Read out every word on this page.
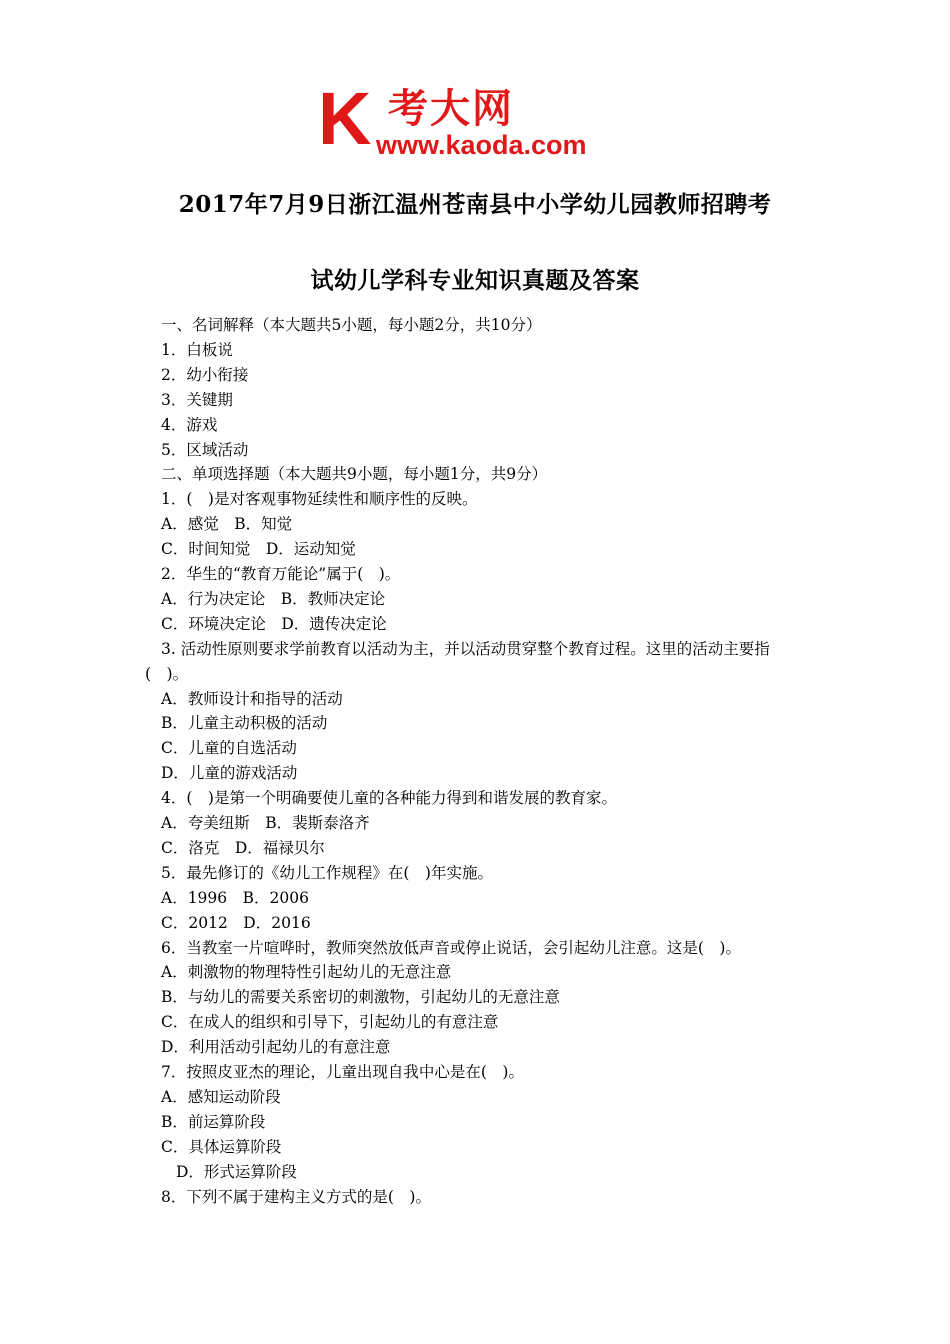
K 考大网
www.kaoda.com
2017年7月9日浙江温州苍南县中小学幼儿园教师招聘考
试幼儿学科专业知识真题及答案
一、名词解释（本大题共5小题，每小题2分，共10分）
1．白板说
2．幼小衔接
3．关键期
4．游戏
5．区域活动
二、单项选择题（本大题共9小题，每小题1分，共9分）
1．(　)是对客观事物延续性和顺序性的反映。
A．感觉　B．知觉
C．时间知觉　D．运动知觉
2．华生的“教育万能论”属于(　)。
A．行为决定论　B．教师决定论
C．环境决定论　D．遗传决定论
3. 活动性原则要求学前教育以活动为主，并以活动贯穿整个教育过程。这里的活动主要指
(　)。
A．教师设计和指导的活动
B．儿童主动积极的活动
C．儿童的自选活动
D．儿童的游戏活动
4．(　)是第一个明确要使儿童的各种能力得到和谐发展的教育家。
A．夸美纽斯　B．裴斯泰洛齐
C．洛克　D．福禄贝尔
5．最先修订的《幼儿工作规程》在(　)年实施。
A．1996　B．2006
C．2012　D．2016
6．当教室一片喧哗时，教师突然放低声音或停止说话，会引起幼儿注意。这是(　)。
A．刺激物的物理特性引起幼儿的无意注意
B．与幼儿的需要关系密切的刺激物，引起幼儿的无意注意
C．在成人的组织和引导下，引起幼儿的有意注意
D．利用活动引起幼儿的有意注意
7．按照皮亚杰的理论，儿童出现自我中心是在(　)。
A．感知运动阶段
B．前运算阶段
C．具体运算阶段
D．形式运算阶段
8．下列不属于建构主义方式的是(　)。
